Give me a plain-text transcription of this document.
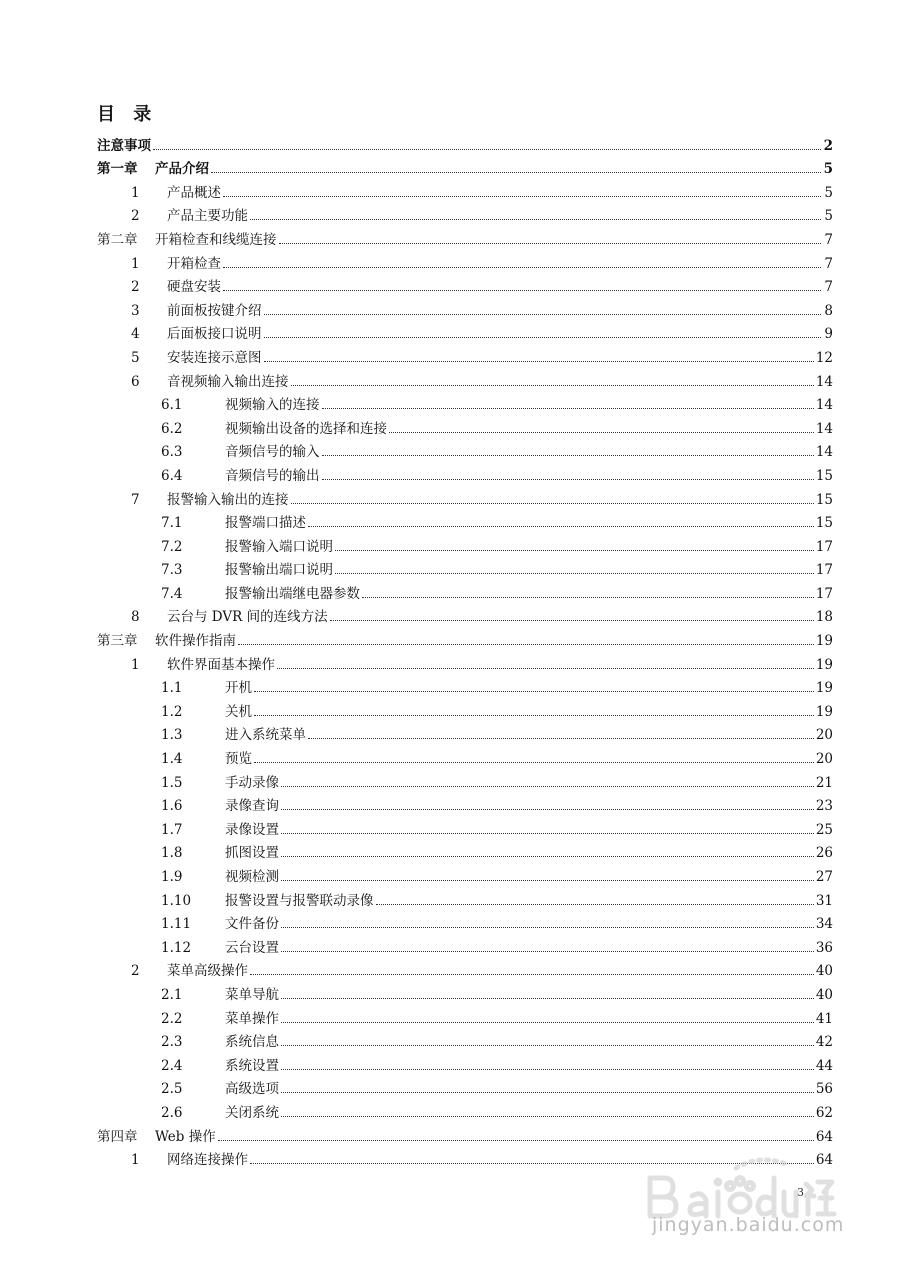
目 录
注意事项	2
第一章	产品介绍	5
1	产品概述	5
2	产品主要功能	5
第二章	开箱检查和线缆连接	7
1	开箱检查	7
2	硬盘安装	7
3	前面板按键介绍	8
4	后面板接口说明	9
5	安装连接示意图	12
6	音视频输入输出连接	14
6.1	视频输入的连接	14
6.2	视频输出设备的选择和连接	14
6.3	音频信号的输入	14
6.4	音频信号的输出	15
7	报警输入输出的连接	15
7.1	报警端口描述	15
7.2	报警输入端口说明	17
7.3	报警输出端口说明	17
7.4	报警输出端继电器参数	17
8	云台与 DVR 间的连线方法	18
第三章	软件操作指南	19
1	软件界面基本操作	19
1.1	开机	19
1.2	关机	19
1.3	进入系统菜单	20
1.4	预览	20
1.5	手动录像	21
1.6	录像查询	23
1.7	录像设置	25
1.8	抓图设置	26
1.9	视频检测	27
1.10	报警设置与报警联动录像	31
1.11	文件备份	34
1.12	云台设置	36
2	菜单高级操作	40
2.1	菜单导航	40
2.2	菜单操作	41
2.3	系统信息	42
2.4	系统设置	44
2.5	高级选项	56
2.6	关闭系统	62
第四章	Web 操作	64
1	网络连接操作	64
3
jingyan.baidu.com
